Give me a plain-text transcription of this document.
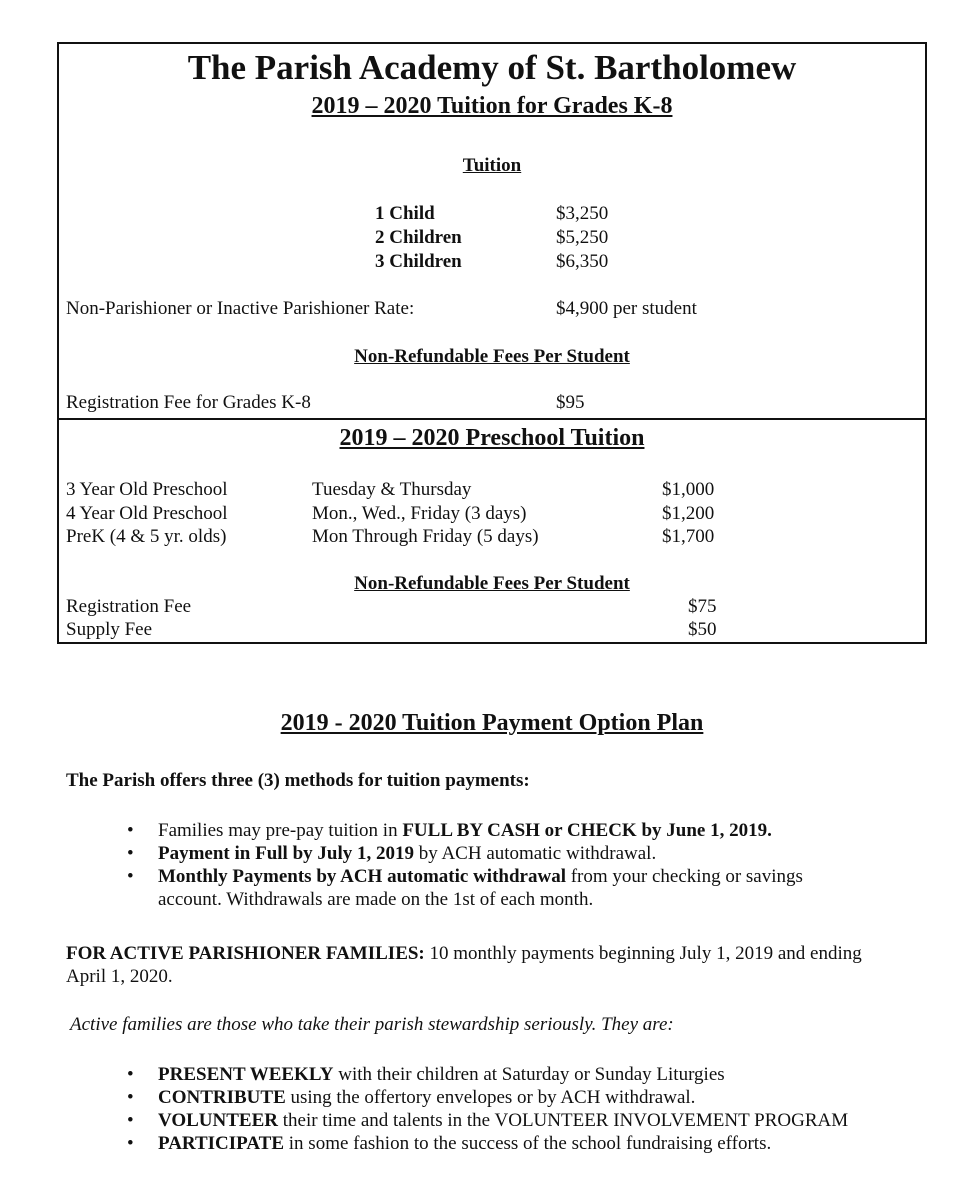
The Parish Academy of St. Bartholomew
2019 – 2020 Tuition for Grades K-8
Tuition
1 Child	$3,250
2 Children	$5,250
3 Children	$6,350
Non-Parishioner or Inactive Parishioner Rate:	$4,900 per student
Non-Refundable Fees Per Student
Registration Fee for Grades K-8	$95
2019 – 2020 Preschool Tuition
3 Year Old Preschool	Tuesday & Thursday	$1,000
4 Year Old Preschool	Mon., Wed., Friday (3 days)	$1,200
PreK (4 & 5 yr. olds)	Mon Through Friday (5 days)	$1,700
Non-Refundable Fees Per Student
Registration Fee	$75
Supply Fee	$50
2019 - 2020 Tuition Payment Option Plan
The Parish offers three (3) methods for tuition payments:

• Families may pre-pay tuition in FULL BY CASH or CHECK by June 1, 2019.

• Payment in Full by July 1, 2019 by ACH automatic withdrawal.

• Monthly Payments by ACH automatic withdrawal from your checking or savings account. Withdrawals are made on the 1st of each month.

FOR ACTIVE PARISHIONER FAMILIES: 10 monthly payments beginning July 1, 2019 and ending April 1, 2020.
Active families are those who take their parish stewardship seriously. They are:

• PRESENT WEEKLY with their children at Saturday or Sunday Liturgies

• CONTRIBUTE using the offertory envelopes or by ACH withdrawal.

• VOLUNTEER their time and talents in the VOLUNTEER INVOLVEMENT PROGRAM

• PARTICIPATE in some fashion to the success of the school fundraising efforts.
